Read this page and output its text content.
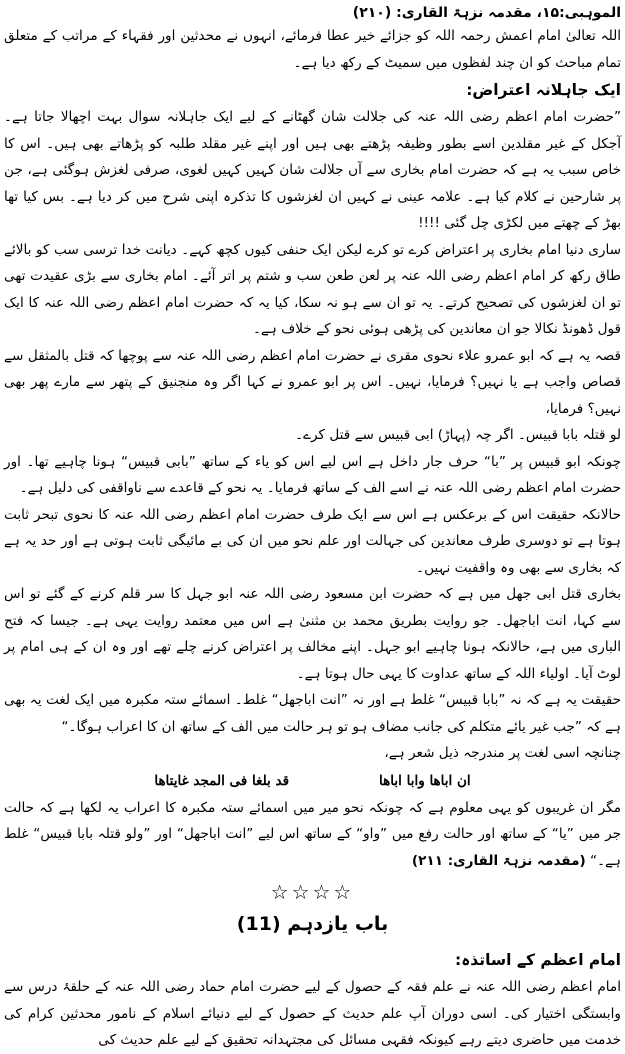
الموہبی:۱۵، مقدمہ نزہۃ القاری: (۲۱۰)

اللہ تعالیٰ امام اعمش رحمہ اللہ کو جزائے خیر عطا فرمائے، انہوں نے محدثین اور فقہاء کے مراتب کے متعلق تمام مباحث کو ان چند لفظوں میں سمیٹ کے رکھ دیا ہے۔

ایک جاہلانہ اعتراض:

”حضرت امام اعظم رضی اللہ عنہ کی جلالت شان گھٹانے کے لیے ایک جاہلانہ سوال بہت اچھالا جاتا ہے۔ آجکل کے غیر مقلدین اسے بطور وظیفہ پڑھتے بھی ہیں اور اپنے غیر مقلد طلبہ کو پڑھاتے بھی ہیں۔ اس کا خاص سبب یہ ہے کہ حضرت امام بخاری سے آں جلالت شان کہیں کہیں لغوی، صرفی لغزش ہوگئی ہے، جن پر شارحین نے کلام کیا ہے۔ علامہ عینی نے کہیں ان لغزشوں کا تذکرہ اپنی شرح میں کر دیا ہے۔ بس کیا تھا بھڑ کے چھتے میں لکڑی چل گئی !!!!

ساری دنیا امام بخاری پر اعتراض کرے تو کرے لیکن ایک حنفی کیوں کچھ کہے۔ دیانت خدا ترسی سب کو بالائے طاق رکھ کر امام اعظم رضی اللہ عنہ پر لعن طعن سب و شتم پر اتر آئے۔ امام بخاری سے بڑی عقیدت تھی تو ان لغزشوں کی تصحیح کرتے۔ یہ تو ان سے ہو نہ سکا، کیا یہ کہ حضرت امام اعظم رضی اللہ عنہ کا ایک قول ڈھونڈ نکالا جو ان معاندین کی پڑھی ہوئی نحو کے خلاف ہے۔

قصہ یہ ہے کہ ابو عمرو علاء نحوی مقری نے حضرت امام اعظم رضی اللہ عنہ سے پوچھا کہ قتل بالمثقل سے قصاص واجب ہے یا نہیں؟ فرمایا، نہیں۔ اس پر ابو عمرو نے کہا اگر وہ منجنیق کے پتھر سے مارے پھر بھی نہیں؟ فرمایا،

لو قتلہ بابا قبیس۔ اگر چہ (پہاڑ) ابی قبیس سے قتل کرے۔

چونکہ ابو قبیس پر ”با“ حرف جار داخل ہے اس لیے اس کو یاء کے ساتھ ”بابی قبیس“ ہونا چاہیے تھا۔ اور حضرت امام اعظم رضی اللہ عنہ نے اسے الف کے ساتھ فرمایا۔ یہ نحو کے قاعدے سے ناواقفی کی دلیل ہے۔

حالانکہ حقیقت اس کے برعکس ہے اس سے ایک طرف حضرت امام اعظم رضی اللہ عنہ کا نحوی تبحر ثابت ہوتا ہے تو دوسری طرف معاندین کی جہالت اور علم نحو میں ان کی بے مائیگی ثابت ہوتی ہے اور حد یہ ہے کہ بخاری سے بھی وہ واقفیت نہیں۔

بخاری قتل ابی جھل میں ہے کہ حضرت ابن مسعود رضی اللہ عنہ ابو جہل کا سر قلم کرنے کے گئے تو اس سے کہا، انت اباجھل۔ جو روایت بطریق محمد بن مثنیٰ ہے اس میں معتمد روایت یہی ہے۔ جیسا کہ فتح الباری میں ہے، حالانکہ ہونا چاہیے ابو جہل۔ اپنے مخالف پر اعتراض کرنے چلے تھے اور وہ ان کے ہی امام پر لوٹ آیا۔ اولیاء اللہ کے ساتھ عداوت کا یہی حال ہوتا ہے۔

حقیقت یہ ہے کہ نہ ”بابا قبیس“ غلط ہے اور نہ ”انت اباجھل“ غلط۔ اسمائے ستہ مکبرہ میں ایک لغت یہ بھی ہے کہ ”جب غیر یائے متکلم کی جانب مضاف ہو تو ہر حالت میں الف کے ساتھ ان کا اعراب ہوگا۔“

چنانچہ اسی لغت پر مندرجہ ذیل شعر ہے،

ان اباھا وابا اباھا
قد بلغا فی المجد غایتاھا

مگر ان غریبوں کو یہی معلوم ہے کہ چونکہ نحو میر میں اسمائے ستہ مکبرہ کا اعراب یہ لکھا ہے کہ حالت جر میں ”یا“ کے ساتھ اور حالت رفع میں ”واو“ کے ساتھ اس لیے ”انت اباجھل“ اور ”ولو قتلہ بابا قبیس“ غلط ہے۔“ (مقدمہ نزہۃ القاری: ۲۱۱)

☆☆☆☆
باب یازدہم (11)
امام اعظم کے اساتذہ:

امام اعظم رضی اللہ عنہ نے علم فقہ کے حصول کے لیے حضرت امام حماد رضی اللہ عنہ کے حلقۂ درس سے وابستگی اختیار کی۔ اسی دوران آپ علم حدیث کے حصول کے لیے دنیائے اسلام کے نامور محدثین کرام کی خدمت میں حاضری دیتے رہے کیونکہ فقہی مسائل کی مجتہدانہ تحقیق کے لیے علم حدیث کی
